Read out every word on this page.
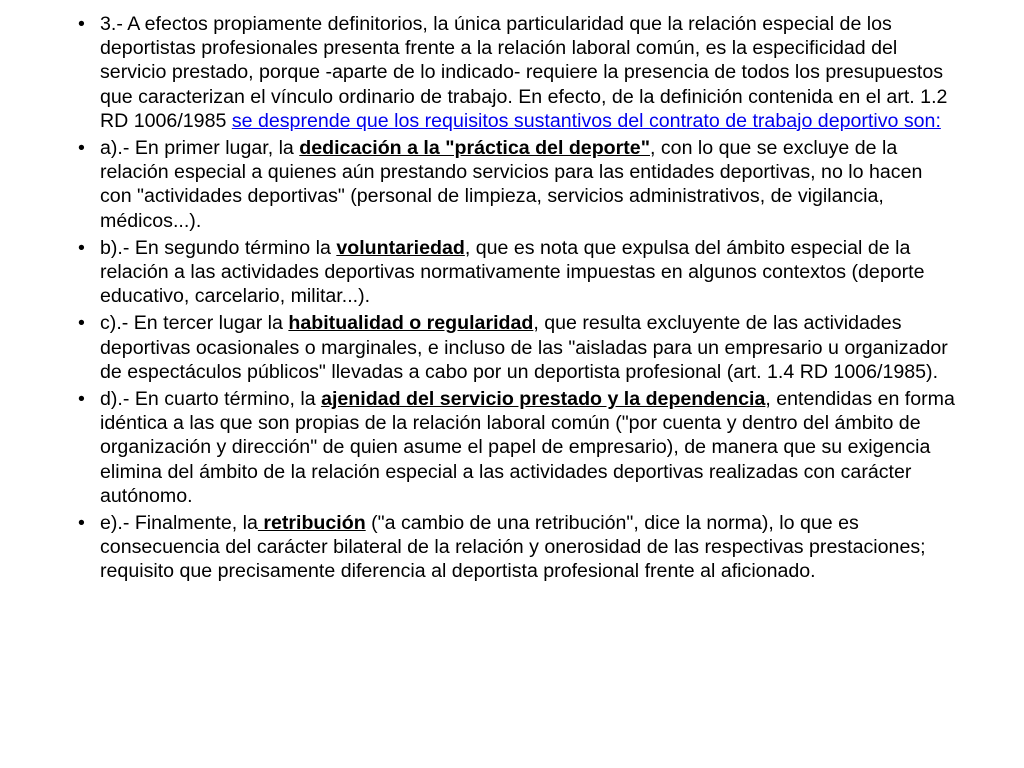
• 3.- A efectos propiamente definitorios, la única particularidad que la relación especial de los deportistas profesionales presenta frente a la relación laboral común, es la especificidad del servicio prestado, porque -aparte de lo indicado- requiere la presencia de todos los presupuestos que caracterizan el vínculo ordinario de trabajo. En efecto, de la definición contenida en el art. 1.2 RD 1006/1985 se desprende que los requisitos sustantivos del contrato de trabajo deportivo son:
• a).- En primer lugar, la dedicación a la "práctica del deporte", con lo que se excluye de la relación especial a quienes aún prestando servicios para las entidades deportivas, no lo hacen con "actividades deportivas" (personal de limpieza, servicios administrativos, de vigilancia, médicos...).
• b).- En segundo término la voluntariedad, que es nota que expulsa del ámbito especial de la relación a las actividades deportivas normativamente impuestas en algunos contextos (deporte educativo, carcelario, militar...).
• c).- En tercer lugar la habitualidad o regularidad, que resulta excluyente de las actividades deportivas ocasionales o marginales, e incluso de las "aisladas para un empresario u organizador de espectáculos públicos" llevadas a cabo por un deportista profesional (art. 1.4 RD 1006/1985).
• d).- En cuarto término, la ajenidad del servicio prestado y la dependencia, entendidas en forma idéntica a las que son propias de la relación laboral común ("por cuenta y dentro del ámbito de organización y dirección" de quien asume el papel de empresario), de manera que su exigencia elimina del ámbito de la relación especial a las actividades deportivas realizadas con carácter autónomo.
• e).- Finalmente, la retribución ("a cambio de una retribución", dice la norma), lo que es consecuencia del carácter bilateral de la relación y onerosidad de las respectivas prestaciones; requisito que precisamente diferencia al deportista profesional frente al aficionado.
